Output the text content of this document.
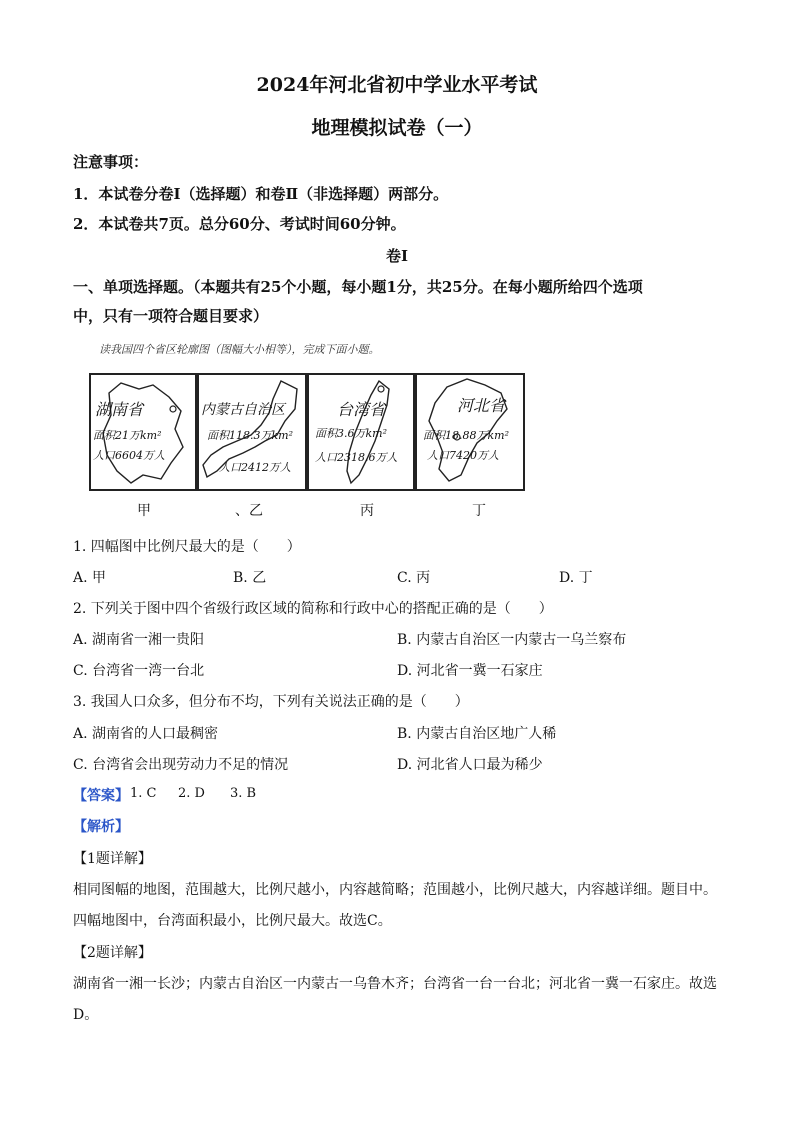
2024年河北省初中学业水平考试
地理模拟试卷（一）
注意事项：
1．本试卷分卷Ⅰ（选择题）和卷Ⅱ（非选择题）两部分。
2．本试卷共7页。总分60分、考试时间60分钟。
卷Ⅰ
一、单项选择题。（本题共有25个小题，每小题1分，共25分。在每小题所给四个选项
中，只有一项符合题目要求）
读我国四个省区轮廓图（图幅大小相等），完成下面小题。
湖南省
面积21万km²
人口6604万人
内蒙古自治区
面积118.3万km²
人口2412万人
台湾省
面积3.6万km²
人口2318.6万人
河北省
面积18.88万km²
人口7420万人
甲	、乙	丙	丁
1. 四幅图中比例尺最大的是（　　）
A. 甲	B. 乙	C. 丙	D. 丁
2. 下列关于图中四个省级行政区域的简称和行政中心的搭配正确的是（　　）
A. 湖南省一湘一贵阳	B. 内蒙古自治区一内蒙古一乌兰察布
C. 台湾省一湾一台北	D. 河北省一冀一石家庄
3. 我国人口众多，但分布不均，下列有关说法正确的是（　　）
A. 湖南省的人口最稠密	B. 内蒙古自治区地广人稀
C. 台湾省会出现劳动力不足的情况	D. 河北省人口最为稀少
【答案】 1. C 2. D 3. B
【解析】
【1题详解】
相同图幅的地图，范围越大，比例尺越小，内容越简略；范围越小，比例尺越大，内容越详细。题目中。
四幅地图中，台湾面积最小，比例尺最大。故选C。
【2题详解】
湖南省一湘一长沙；内蒙古自治区一内蒙古一乌鲁木齐；台湾省一台一台北；河北省一冀一石家庄。故选
D。
